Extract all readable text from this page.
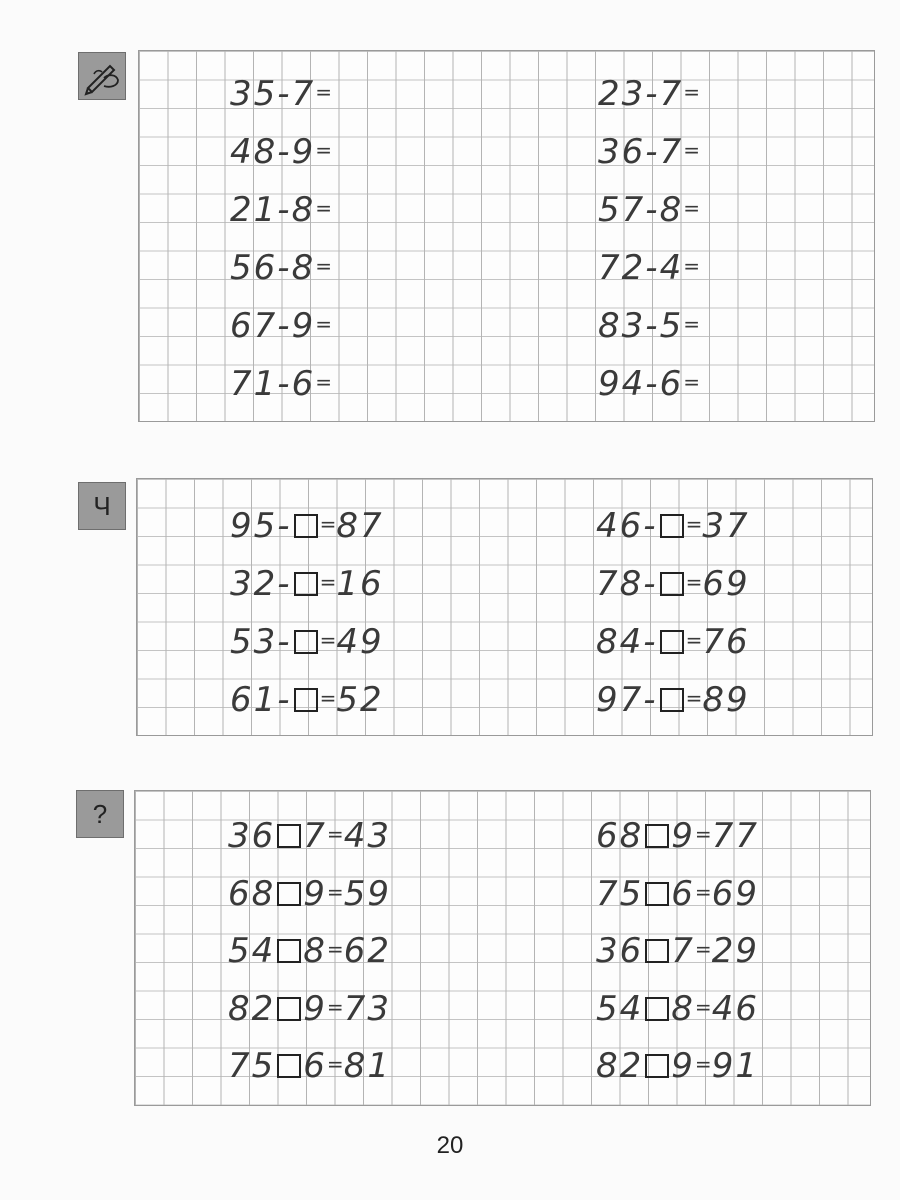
Ч
?
35-7=
48-9=
21-8=
56-8=
67-9=
71-6=
23-7=
36-7=
57-8=
72-4=
83-5=
94-6=
95- =87
32- =16
53- =49
61- =52
46- =37
78- =69
84- =76
97- =89
36 7=43
68 9=59
54 8=62
82 9=73
75 6=81
68 9=77
75 6=69
36 7=29
54 8=46
82 9=91
20
